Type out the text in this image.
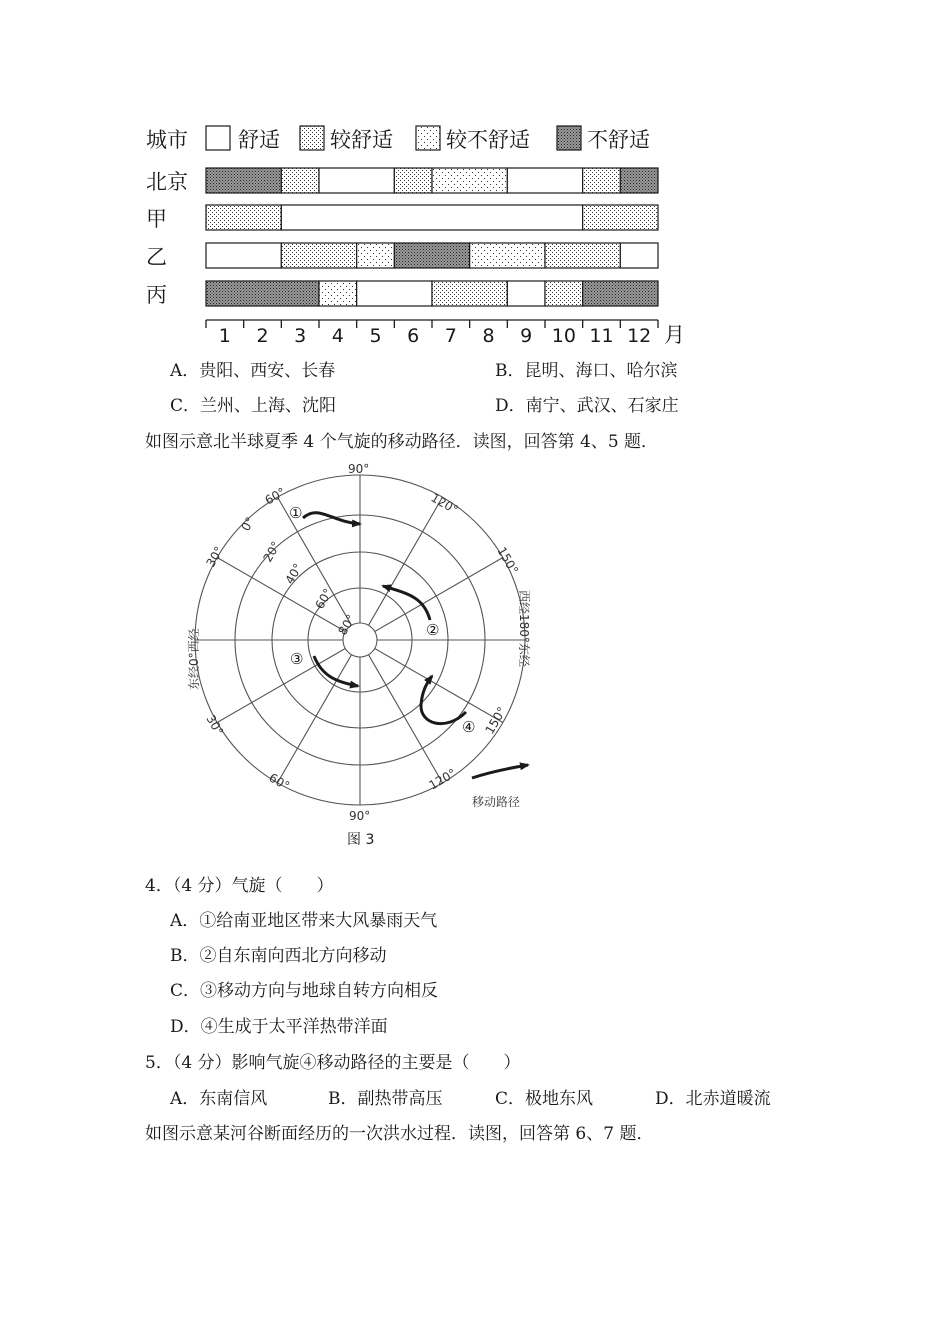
城市 舒适 较舒适	较不舒适	不舒适
北京
甲
乙
丙
1 2 3 4 5 6 7 8 9 10 11 12 月
A．贵阳、西安、长春	B．昆明、海口、哈尔滨
C．兰州、上海、沈阳	D．南宁、武汉、石家庄
如图示意北半球夏季 4 个气旋的移动路径．读图，回答第 4、5 题．
90°
90°
120°
150°
150°
120°
60°
30°
30°
60°
0°
20°
40°
60°
80°
东经0°西经	西经180°东经
①
②
③
④
移动路径
图 3
4．（4 分）气旋（　　）
A．①给南亚地区带来大风暴雨天气
B．②自东南向西北方向移动
C．③移动方向与地球自转方向相反
D．④生成于太平洋热带洋面
5．（4 分）影响气旋④移动路径的主要是（　　）
A．东南信风	B．副热带高压	C．极地东风	D．北赤道暖流
如图示意某河谷断面经历的一次洪水过程．读图，回答第 6、7 题．
